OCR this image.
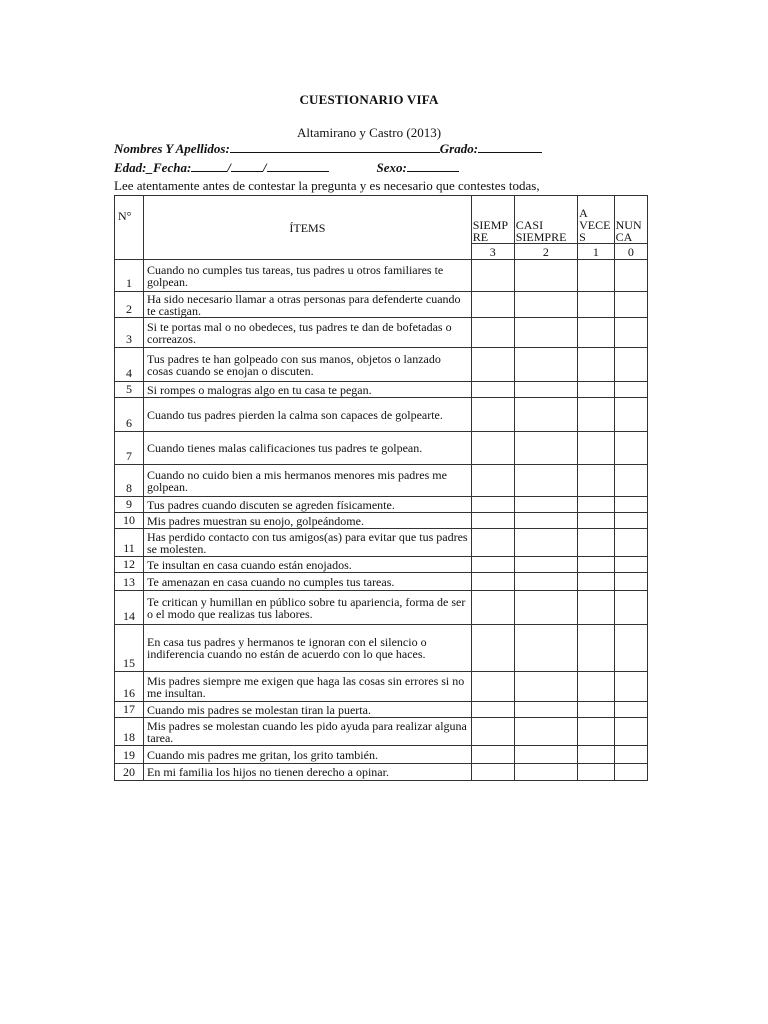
CUESTIONARIO VIFA
Altamirano y Castro (2013)
Nombres Y Apellidos:	Grado:
Edad:_Fecha:	/ /	Sexo:
Lee atentamente antes de contestar la pregunta y es necesario que contestes todas,
N°	ÍTEMS	SIEMP RE	CASI SIEMPRE	A VECE S	NUN CA
		3	2	1	0
1	Cuando no cumples tus tareas, tus padres u otros familiares te golpean.				
2	Ha sido necesario llamar a otras personas para defenderte cuando te castigan.				
3	Si te portas mal o no obedeces, tus padres te dan de bofetadas o correazos.				
4	Tus padres te han golpeado con sus manos, objetos o lanzado cosas cuando se enojan o discuten.				
5	Si rompes o malogras algo en tu casa te pegan.				
6	Cuando tus padres pierden la calma son capaces de golpearte.				
7	Cuando tienes malas calificaciones tus padres te golpean.				
8	Cuando no cuido bien a mis hermanos menores mis padres me golpean.				
9	Tus padres cuando discuten se agreden físicamente.				
10	Mis padres muestran su enojo, golpeándome.				
11	Has perdido contacto con tus amigos(as) para evitar que tus padres se molesten.				
12	Te insultan en casa cuando están enojados.				
13	Te amenazan en casa cuando no cumples tus tareas.				
14	Te critican y humillan en público sobre tu apariencia, forma de ser o el modo que realizas tus labores.				
15	En casa tus padres y hermanos te ignoran con el silencio o indiferencia cuando no están de acuerdo con lo que haces.				
16	Mis padres siempre me exigen que haga las cosas sin errores si no me insultan.				
17	Cuando mis padres se molestan tiran la puerta.				
18	Mis padres se molestan cuando les pido ayuda para realizar alguna tarea.				
19	Cuando mis padres me gritan, los grito también.				
20	En mi familia los hijos no tienen derecho a opinar.				
